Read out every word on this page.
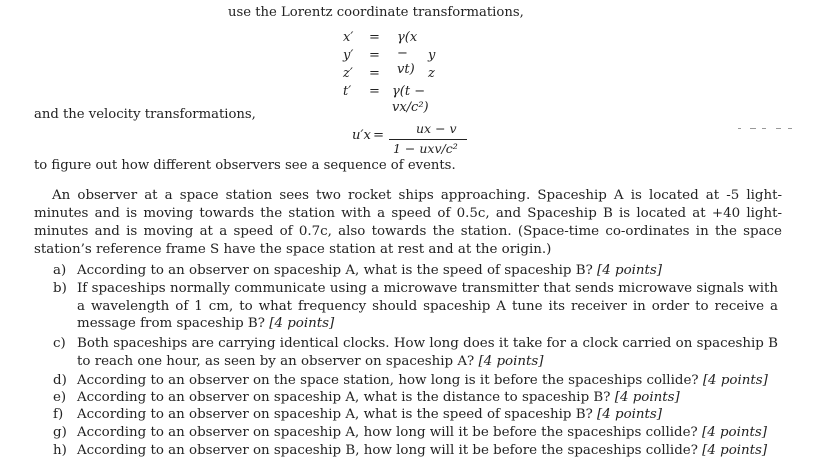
use the Lorentz coordinate transformations,
x′ = γ(x − vt)
y′ =	y
z′ =	z
t′ = γ(t − vx/c²)
and the velocity transformations,
u′x =	ux − v
1 − uxv/c²
to figure out how different observers see a sequence of events.
An observer at a space station sees two rocket ships approaching. Spaceship A is located at -5 light-minutes and is moving towards the station with a speed of 0.5c, and Spaceship B is located at +40 light-minutes and is moving at a speed of 0.7c, also towards the station. (Space-time co-ordinates in the space station’s reference frame S have the space station at rest and at the origin.)
a) According to an observer on spaceship A, what is the speed of spaceship B? [4 points]
b) If spaceships normally communicate using a microwave transmitter that sends microwave signals with a wavelength of 1 cm, to what frequency should spaceship A tune its receiver in order to receive a message from spaceship B? [4 points]
c) Both spaceships are carrying identical clocks. How long does it take for a clock carried on spaceship B to reach one hour, as seen by an observer on spaceship A? [4 points]
d) According to an observer on the space station, how long is it before the spaceships collide? [4 points]
e) According to an observer on spaceship A, what is the distance to spaceship B? [4 points]
f) According to an observer on spaceship A, what is the speed of spaceship B? [4 points]
g) According to an observer on spaceship A, how long will it be before the spaceships collide? [4 points]
h) According to an observer on spaceship B, how long will it be before the spaceships collide? [4 points]
